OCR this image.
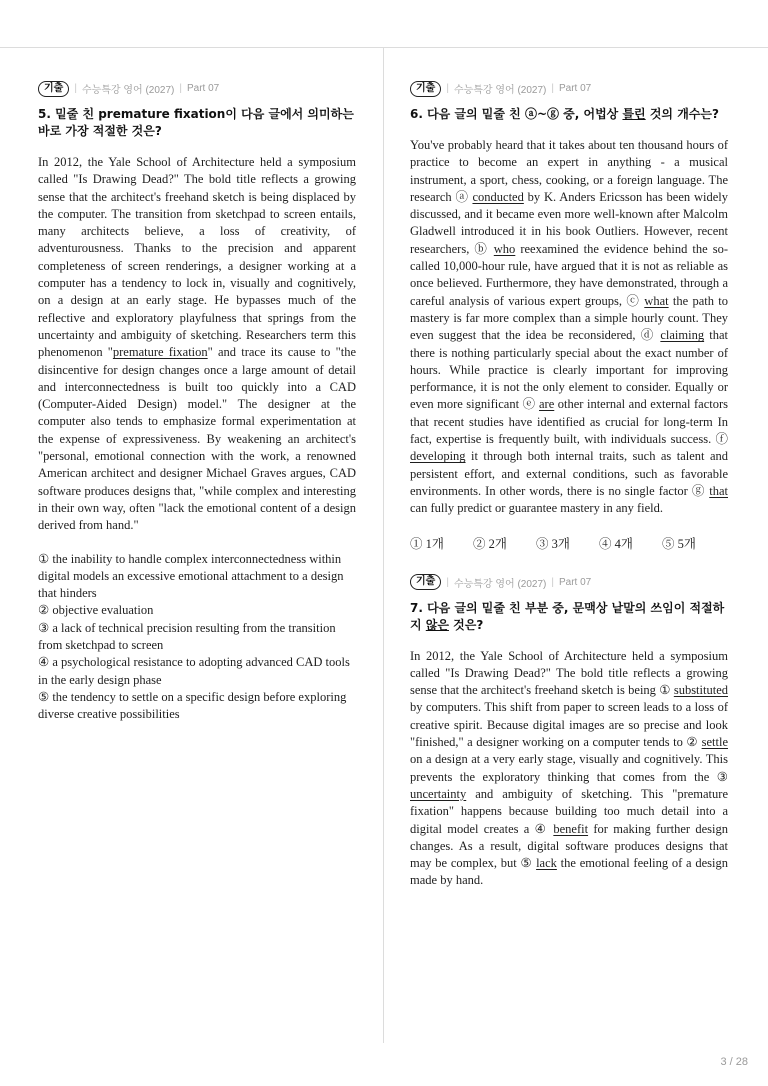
기출	| 수능특강 영어 (2027) | Part 07
5. 밑줄 친 premature fixation이 다음 글에서 의미하는 바로 가장 적절한 것은?

In 2012, the Yale School of Architecture held a symposium called "Is Drawing Dead?" The bold title reflects a growing sense that the architect's freehand sketch is being displaced by the computer. The transition from sketchpad to screen entails, many architects believe, a loss of creativity, of adventurousness. Thanks to the precision and apparent completeness of screen renderings, a designer working at a computer has a tendency to lock in, visually and cognitively, on a design at an early stage. He bypasses much of the reflective and exploratory playfulness that springs from the uncertainty and ambiguity of sketching. Researchers term this phenomenon "premature fixation" and trace its cause to "the disincentive for design changes once a large amount of detail and interconnectedness is built too quickly into a CAD (Computer-Aided Design) model." The designer at the computer also tends to emphasize formal experimentation at the expense of expressiveness. By weakening an architect's "personal, emotional connection with the work, a renowned American architect and designer Michael Graves argues, CAD software produces designs that, "while complex and interesting in their own way, often "lack the emotional content of a design derived from hand."

① the inability to handle complex interconnectedness within digital models an excessive emotional attachment to a design that hinders
② objective evaluation
③ a lack of technical precision resulting from the transition from sketchpad to screen
④ a psychological resistance to adopting advanced CAD tools in the early design phase
⑤ the tendency to settle on a specific design before exploring diverse creative possibilities
기출	| 수능특강 영어 (2027) | Part 07
6. 다음 글의 밑줄 친 ⓐ~ⓖ 중, 어법상 틀린 것의 개수는?

You've probably heard that it takes about ten thousand hours of practice to become an expert in anything - a musical instrument, a sport, chess, cooking, or a foreign language. The research ⓐ conducted by K. Anders Ericsson has been widely discussed, and it became even more well-known after Malcolm Gladwell introduced it in his book Outliers. However, recent researchers, ⓑ who reexamined the evidence behind the so-called 10,000-hour rule, have argued that it is not as reliable as once believed. Furthermore, they have demonstrated, through a careful analysis of various expert groups, ⓒ what the path to mastery is far more complex than a simple hourly count. They even suggest that the idea be reconsidered, ⓓ claiming that there is nothing particularly special about the exact number of hours. While practice is clearly important for improving performance, it is not the only element to consider. Equally or even more significant ⓔ are other internal and external factors that recent studies have identified as crucial for long-term In fact, expertise is frequently built, with individuals success. ⓕ developing it through both internal traits, such as talent and persistent effort, and external conditions, such as favorable environments. In other words, there is no single factor ⓖ that can fully predict or guarantee mastery in any field.

① 1개	② 2개	③ 3개	④ 4개	⑤ 5개
기출	| 수능특강 영어 (2027) | Part 07
7. 다음 글의 밑줄 친 부분 중, 문맥상 낱말의 쓰임이 적절하지 않은 것은?

In 2012, the Yale School of Architecture held a symposium called "Is Drawing Dead?" The bold title reflects a growing sense that the architect's freehand sketch is being ① substituted by computers. This shift from paper to screen leads to a loss of creative spirit. Because digital images are so precise and look "finished," a designer working on a computer tends to ② settle on a design at a very early stage, visually and cognitively. This prevents the exploratory thinking that comes from the ③ uncertainty and ambiguity of sketching. This "premature fixation" happens because building too much detail into a digital model creates a ④ benefit for making further design changes. As a result, digital software produces designs that may be complex, but ⑤ lack the emotional feeling of a design made by hand.

3 / 28
